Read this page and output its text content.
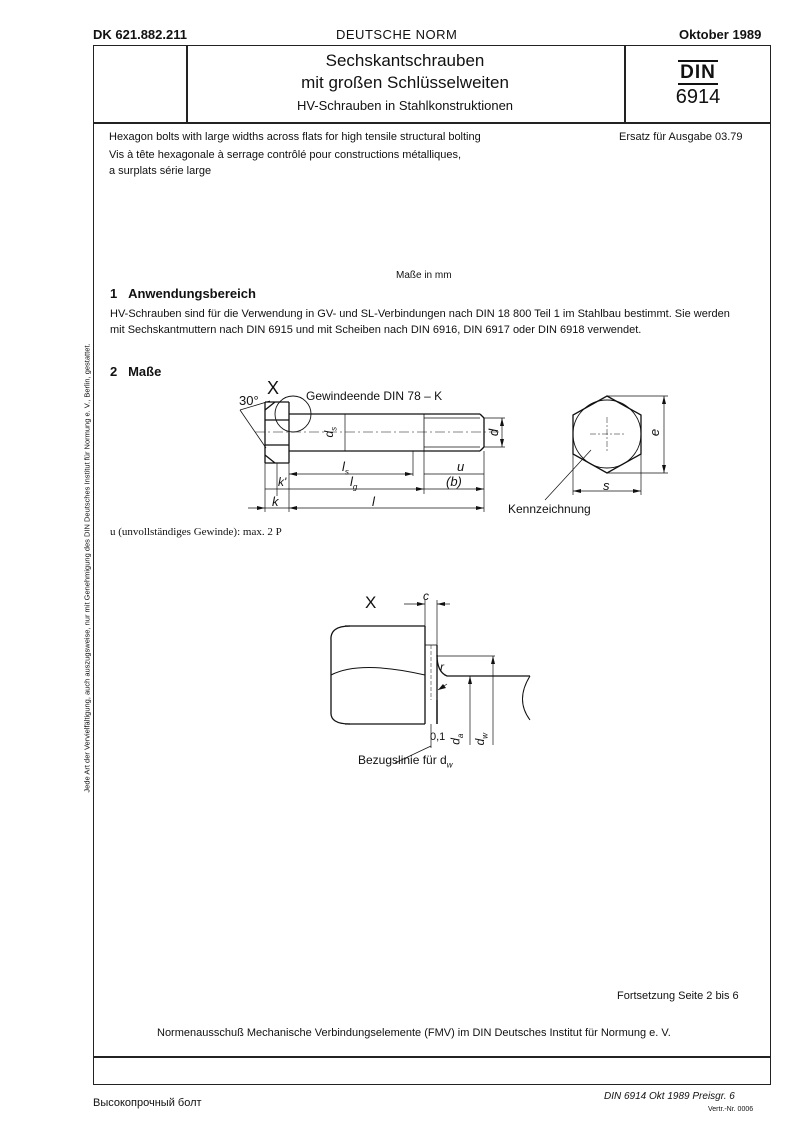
DK 621.882.211	DEUTSCHE NORM	Oktober 1989
Sechskantschrauben
mit großen Schlüsselweiten
HV-Schrauben in Stahlkonstruktionen
DIN
6914
Hexagon bolts with large widths across flats for high tensile structural bolting
Vis à tête hexagonale à serrage contrôlé pour constructions métalliques,
a surplats série large
Ersatz für Ausgabe 03.79
Maße in mm
1 Anwendungsbereich
HV-Schrauben sind für die Verwendung in GV- und SL-Verbindungen nach DIN 18 800 Teil 1 im Stahlbau bestimmt. Sie werden
mit Sechskantmuttern nach DIN 6915 und mit Scheiben nach DIN 6916, DIN 6917 oder DIN 6918 verwendet.
2 Maße
X
30°	Gewindeende DIN 78 – K
$d_s$
d
$l_s$
$l_g$
u
(b)
k'
k	l
e
s
Kennzeichnung
u (unvollständiges Gewinde): max. 2 P
X	c
r
0,1 $d_a$
$d_w$
Bezugslinie für $d_w$
Fortsetzung Seite 2 bis 6
Normenausschuß Mechanische Verbindungselemente (FMV) im DIN Deutsches Institut für Normung e. V.
Jede Art der Vervielfältigung, auch auszugsweise, nur mit Genehmigung des DIN Deutsches Institut für Normung e. V., Berlin, gestattet.
Высокопрочный болт
DIN 6914 Okt 1989 Preisgr. 6
Vertr.-Nr. 0006
